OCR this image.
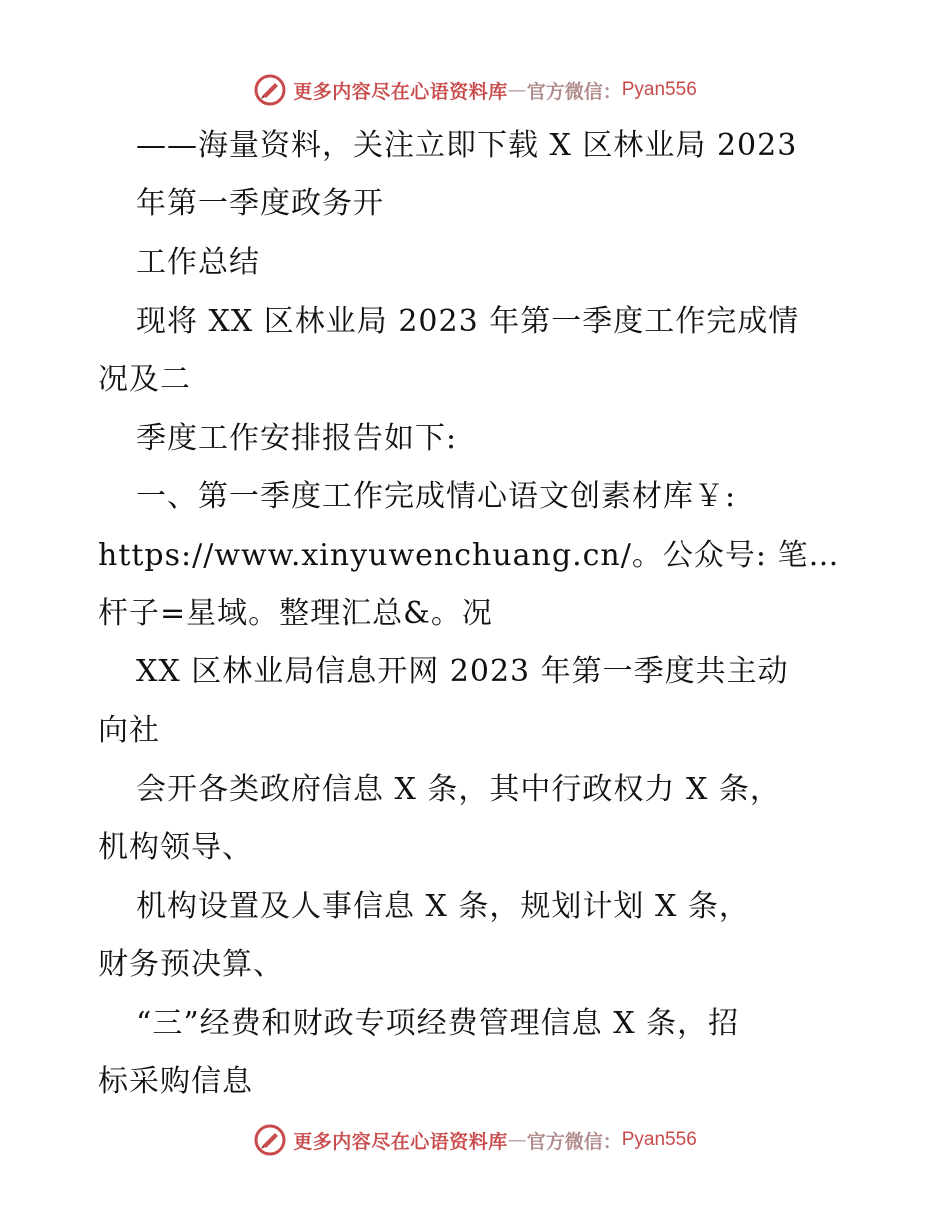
更多内容尽在心语资料库 — 官方微信： Pyan556
——海量资料，关注立即下载 X 区林业局 2023
年第一季度政务开
工作总结
现将 XX 区林业局 2023 年第一季度工作完成情
况及二
季度工作安排报告如下:
一、第一季度工作完成情心语文创素材库￥:
https://www.xinyuwenchuang.cn/。公众号: 笔…
杆子=星域。整理汇总&。况
XX 区林业局信息开网 2023 年第一季度共主动
向社
会开各类政府信息 X 条，其中行政权力 X 条，
机构领导、
机构设置及人事信息 X 条，规划计划 X 条，
财务预决算、
“三”经费和财政专项经费管理信息 X 条，招
标采购信息
更多内容尽在心语资料库 — 官方微信： Pyan556
